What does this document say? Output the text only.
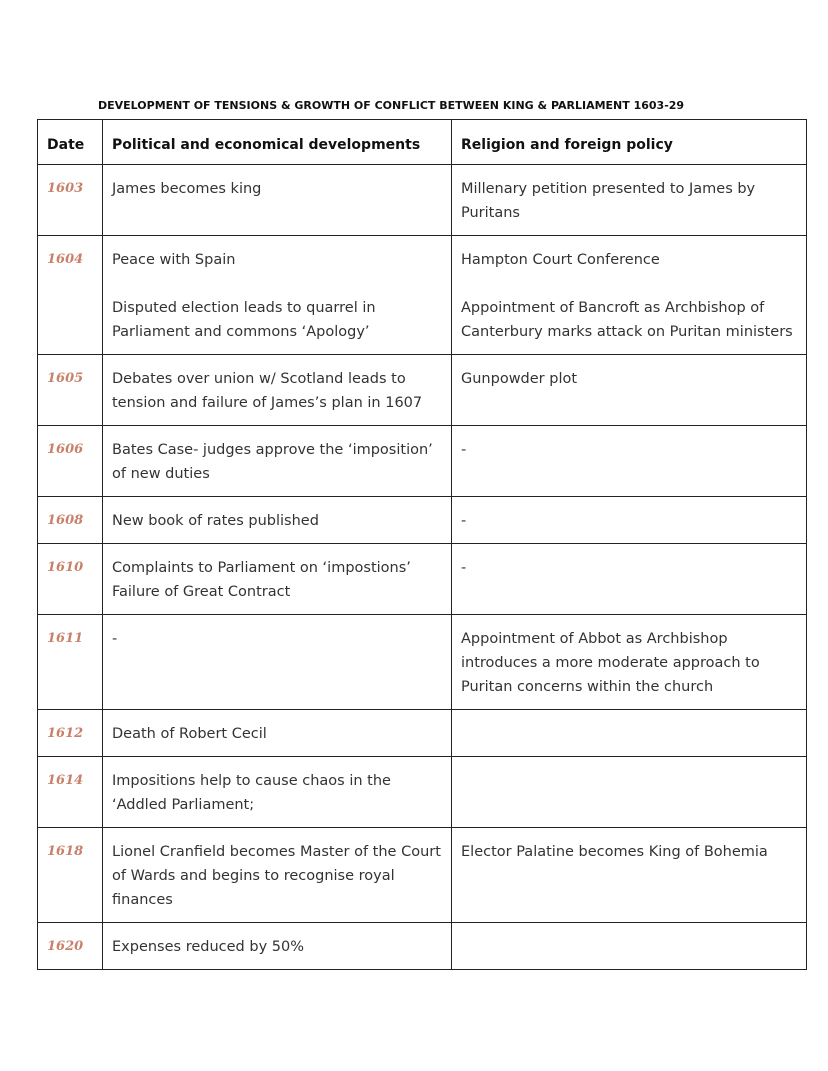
DEVELOPMENT OF TENSIONS & GROWTH OF CONFLICT BETWEEN KING & PARLIAMENT 1603-29
Date	Political and economical developments	Religion and foreign policy

1603	James becomes king	Millenary petition presented to James by
Puritans

1604	Peace with Spain
Disputed election leads to quarrel in
Parliament and commons ‘Apology’	Hampton Court Conference
Appointment of Bancroft as Archbishop of
Canterbury marks attack on Puritan ministers

1605	Debates over union w/ Scotland leads to
tension and failure of James’s plan in 1607	Gunpowder plot

1606	Bates Case- judges approve the ‘imposition’
of new duties	-

1608	New book of rates published	-

1610	Complaints to Parliament on ‘impostions’
Failure of Great Contract	-

1611	-	Appointment of Abbot as Archbishop
introduces a more moderate approach to
Puritan concerns within the church

1612	Death of Robert Cecil	

1614	Impositions help to cause chaos in the
‘Addled Parliament;	

1618	Lionel Cranfield becomes Master of the Court
of Wards and begins to recognise royal
finances	Elector Palatine becomes King of Bohemia

1620	Expenses reduced by 50%	
